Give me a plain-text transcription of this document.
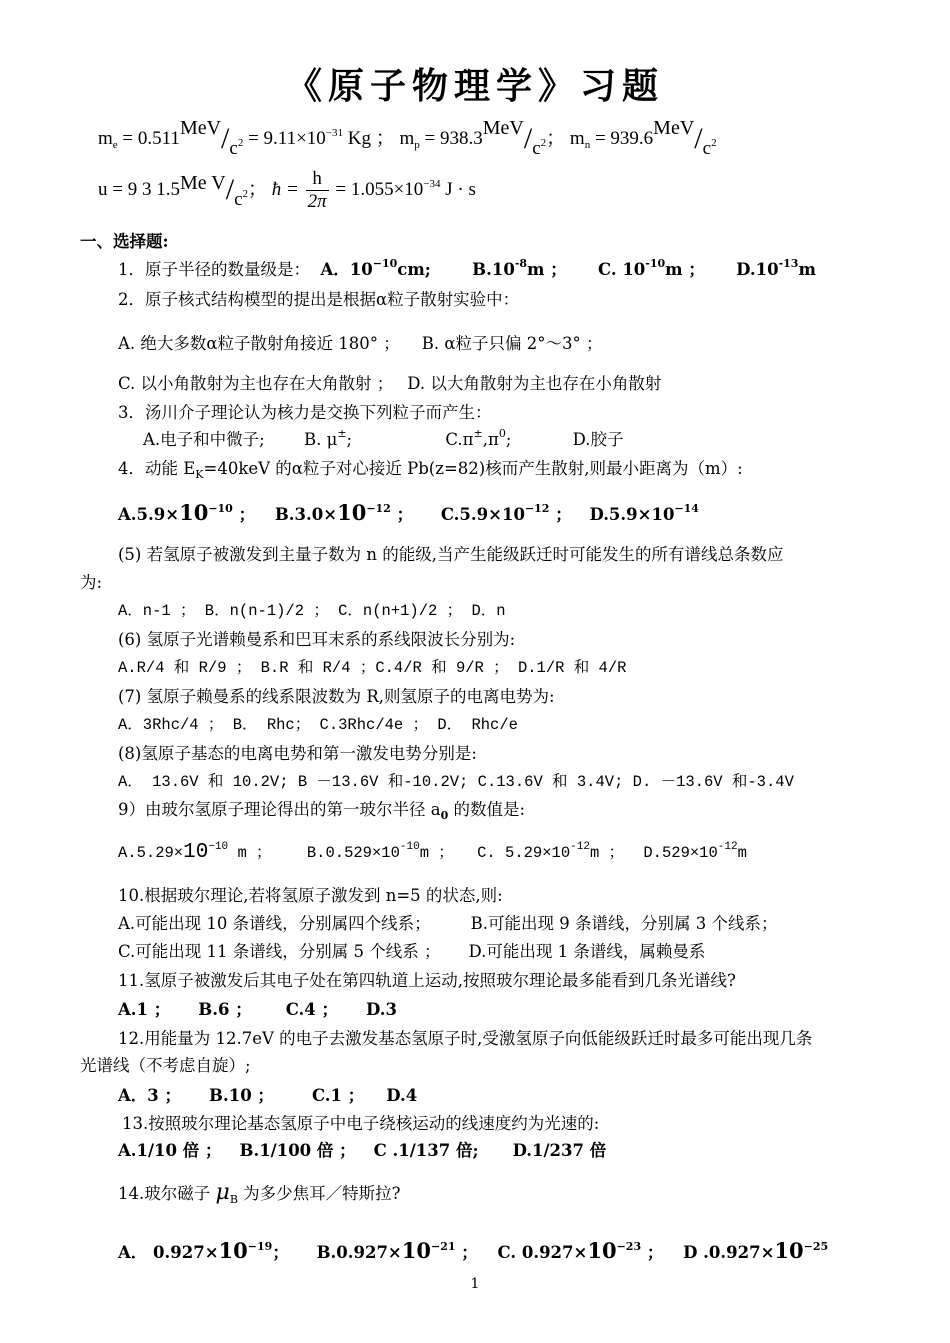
《原子物理学》习题
$m_e = 0.511MeV/c^2 = 9.11\times 10^{-31}$ Kg ； $m_p = 938.3MeV/c^2$； $m_n = 939.6MeV/c^2$
u = 9 3 1.5Me $V/c^2$； ħ = $\frac{h}{2\pi} = 1.055\times 10^{-34}$ J · s
一、选择题:
1．原子半径的数量级是： A．$10^{-10}cm$;	$B.10^{-8}m$ ； C. $10^{-10}m$ ； $D.10^{-13}m$
2．原子核式结构模型的提出是根据α粒子散射实验中：
A. 绝大多数α粒子散射角接近 180° ； B. α粒子只偏 2°～3° ；
C. 以小角散射为主也存在大角散射 ； D. 以大角散射为主也存在小角散射
3．汤川介子理论认为核力是交换下列粒子而产生：
A.电子和中微子; B. μ±;	$C.\pi^\pm,\pi^0$;	D.胶子
4．动能 $E_K=40keV$ 的α粒子对心接近 Pb(z=82)核而产生散射,则最小距离为（m）:
$A.5.9\times 10^{-10}$ ； $B.3.0\times 10^{-12}$ ； $C.5.9\times 10^{-12}$ ； $D.5.9\times 10^{-14}$
(5) 若氢原子被激发到主量子数为 n 的能级,当产生能级跃迁时可能发生的所有谱线总条数应
为:
A．n-1 ； B．n(n-1)/2 ； C．n(n+1)/2 ； D．n
(6) 氢原子光谱赖曼系和巴耳末系的系线限波长分别为:
A.R/4 和 R/9 ； B.R 和 R/4 ；C.4/R 和 9/R ； D.1/R 和 4/R
(7) 氢原子赖曼系的线系限波数为 R,则氢原子的电离电势为:
A．3Rhc/4 ； B． Rhc； C.3Rhc/4e ； D． Rhc/e
(8)氢原子基态的电离电势和第一激发电势分别是:
A． 13.6V 和 10.2V; B －13.6V 和-10.2V; C.13.6V 和 3.4V; D. －13.6V 和-3.4V
9）由玻尔氢原子理论得出的第一玻尔半径 $a_0$ 的数值是:
$A.5.29\times 10^{-10}$ m ； $B.0.529\times 10^{-10}m$ ； C. $5.29\times 10^{-12}m$ ； $D.529\times 10^{-12}m$
10.根据玻尔理论,若将氢原子激发到 n=5 的状态,则:
A.可能出现 10 条谱线，分别属四个线系； B.可能出现 9 条谱线，分别属 3 个线系；
C.可能出现 11 条谱线，分别属 5 个线系 ； D.可能出现 1 条谱线，属赖曼系
11.氢原子被激发后其电子处在第四轨道上运动,按照玻尔理论最多能看到几条光谱线?
A.1 ； B.6 ； C.4 ； D.3
12.用能量为 12.7eV 的电子去激发基态氢原子时,受激氢原子向低能级跃迁时最多可能出现几条
光谱线（不考虑自旋）;
A．3 ； B.10 ； C.1 ； D.4
13.按照玻尔理论基态氢原子中电子绕核运动的线速度约为光速的:
A.1/10 倍 ； B.1/100 倍 ； C .1/137 倍; D.1/237 倍
14.玻尔磁子 $\mu_B$ 为多少焦耳／特斯拉?
A． $0.927\times 10^{-19}$； $B.0.927\times 10^{-21}$ ； C. $0.927\times 10^{-23}$ ； D $.0.927\times 10^{-25}$
1
